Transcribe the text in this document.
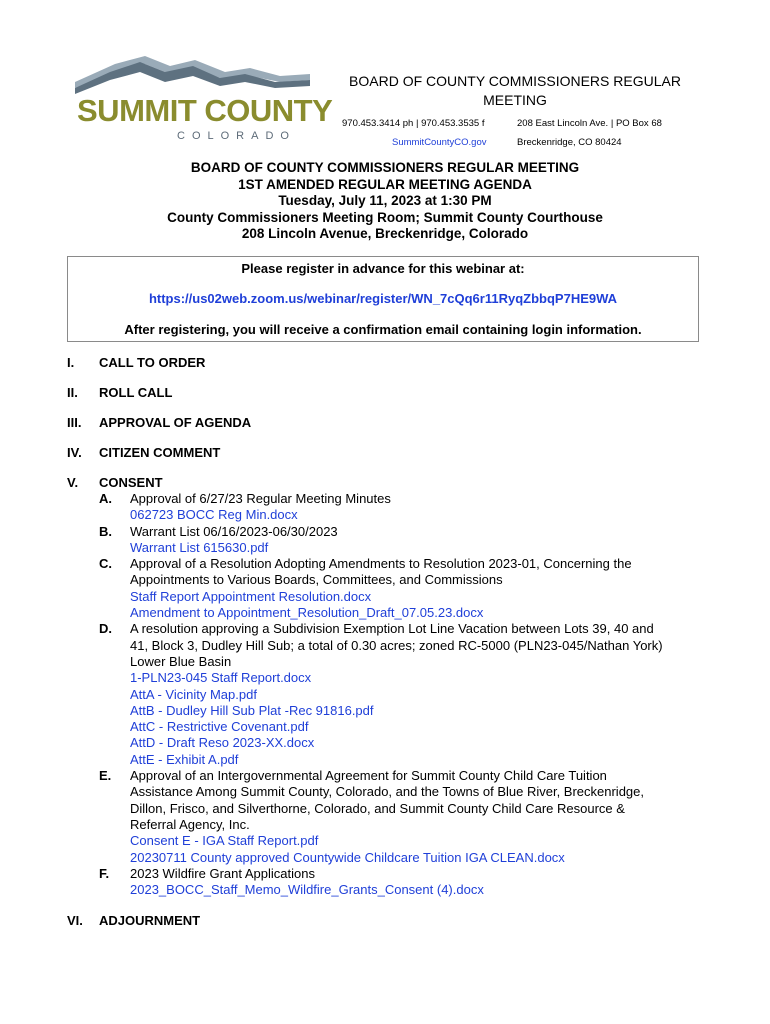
SUMMIT COUNTY
COLORADO
BOARD OF COUNTY COMMISSIONERS REGULAR
MEETING
970.453.3414 ph | 970.453.3535 f
SummitCountyCO.gov
208 East Lincoln Ave. | PO Box 68
Breckenridge, CO 80424
BOARD OF COUNTY COMMISSIONERS REGULAR MEETING
1ST AMENDED REGULAR MEETING AGENDA
Tuesday, July 11, 2023 at 1:30 PM
County Commissioners Meeting Room; Summit County Courthouse
208 Lincoln Avenue, Breckenridge, Colorado
Please register in advance for this webinar at:
https://us02web.zoom.us/webinar/register/WN_7cQq6r11RyqZbbqP7HE9WA
After registering, you will receive a confirmation email containing login information.
I. CALL TO ORDER
II. ROLL CALL
III. APPROVAL OF AGENDA
IV. CITIZEN COMMENT
V. CONSENT
A. Approval of 6/27/23 Regular Meeting Minutes
062723 BOCC Reg Min.docx
B. Warrant List 06/16/2023-06/30/2023
Warrant List 615630.pdf
C. Approval of a Resolution Adopting Amendments to Resolution 2023-01, Concerning the
Appointments to Various Boards, Committees, and Commissions
Staff Report Appointment Resolution.docx
Amendment to Appointment_Resolution_Draft_07.05.23.docx
D. A resolution approving a Subdivision Exemption Lot Line Vacation between Lots 39, 40 and
41, Block 3, Dudley Hill Sub; a total of 0.30 acres; zoned RC-5000 (PLN23-045/Nathan York)
Lower Blue Basin
1-PLN23-045 Staff Report.docx
AttA - Vicinity Map.pdf
AttB - Dudley Hill Sub Plat -Rec 91816.pdf
AttC - Restrictive Covenant.pdf
AttD - Draft Reso 2023-XX.docx
AttE - Exhibit A.pdf
E. Approval of an Intergovernmental Agreement for Summit County Child Care Tuition
Assistance Among Summit County, Colorado, and the Towns of Blue River, Breckenridge,
Dillon, Frisco, and Silverthorne, Colorado, and Summit County Child Care Resource &
Referral Agency, Inc.
Consent E - IGA Staff Report.pdf
20230711 County approved Countywide Childcare Tuition IGA CLEAN.docx
F. 2023 Wildfire Grant Applications
2023_BOCC_Staff_Memo_Wildfire_Grants_Consent (4).docx
VI. ADJOURNMENT
